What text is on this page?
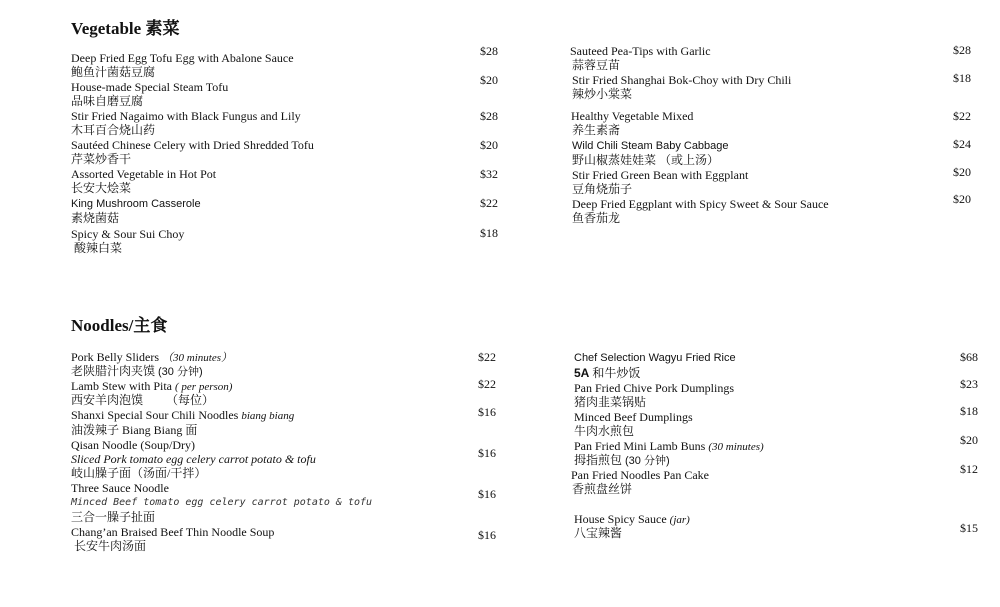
Vegetable 素菜
Deep Fried Egg Tofu Egg with Abalone Sauce
鲍鱼汁菌菇豆腐
$28
House-made Special Steam Tofu
品味自磨豆腐
$20
Stir Fried Nagaimo with Black Fungus and Lily
木耳百合烧山药
$28
Sautéed Chinese Celery with Dried Shredded Tofu
芹菜炒香干
$20
Assorted Vegetable in Hot Pot
长安大烩菜
$32
King Mushroom Casserole
素烧菌菇
$22
Spicy & Sour Sui Choy
酸辣白菜
$18
Sauteed Pea-Tips with Garlic
蒜蓉豆苗
$28
Stir Fried Shanghai Bok-Choy with Dry Chili
辣炒小棠菜
$18
Healthy Vegetable Mixed
养生素斋
$22
Wild Chili Steam Baby Cabbage
野山椒蒸娃娃菜 （或上汤）
$24
Stir Fried Green Bean with Eggplant
豆角烧茄子
$20
Deep Fried Eggplant with Spicy Sweet & Sour Sauce
鱼香茄龙
$20
Noodles/主食
Pork Belly Sliders （30 minutes）
老陕腊汁肉夹馍 (30 分钟)
$22
Lamb Stew with Pita ( per person)
西安羊肉泡馍 （每位）
$22
Shanxi Special Sour Chili Noodles biang biang
油泼辣子 Biang Biang 面
$16
Qisan Noodle (Soup/Dry)
Sliced Pork tomato egg celery carrot potato & tofu
岐山臊子面（汤面/干拌）
$16
Three Sauce Noodle
Minced Beef tomato egg celery carrot potato & tofu
三合一臊子扯面
$16
Chang’an Braised Beef Thin Noodle Soup
长安牛肉汤面
$16
Chef Selection Wagyu Fried Rice
5A 和牛炒饭
$68
Pan Fried Chive Pork Dumplings
猪肉韭菜锅贴
$23
Minced Beef Dumplings
牛肉水煎包
$18
Pan Fried Mini Lamb Buns (30 minutes)
拇指煎包 (30 分钟)
$20
Pan Fried Noodles Pan Cake
香煎盘丝饼
$12
House Spicy Sauce (jar)
八宝辣酱	$15
